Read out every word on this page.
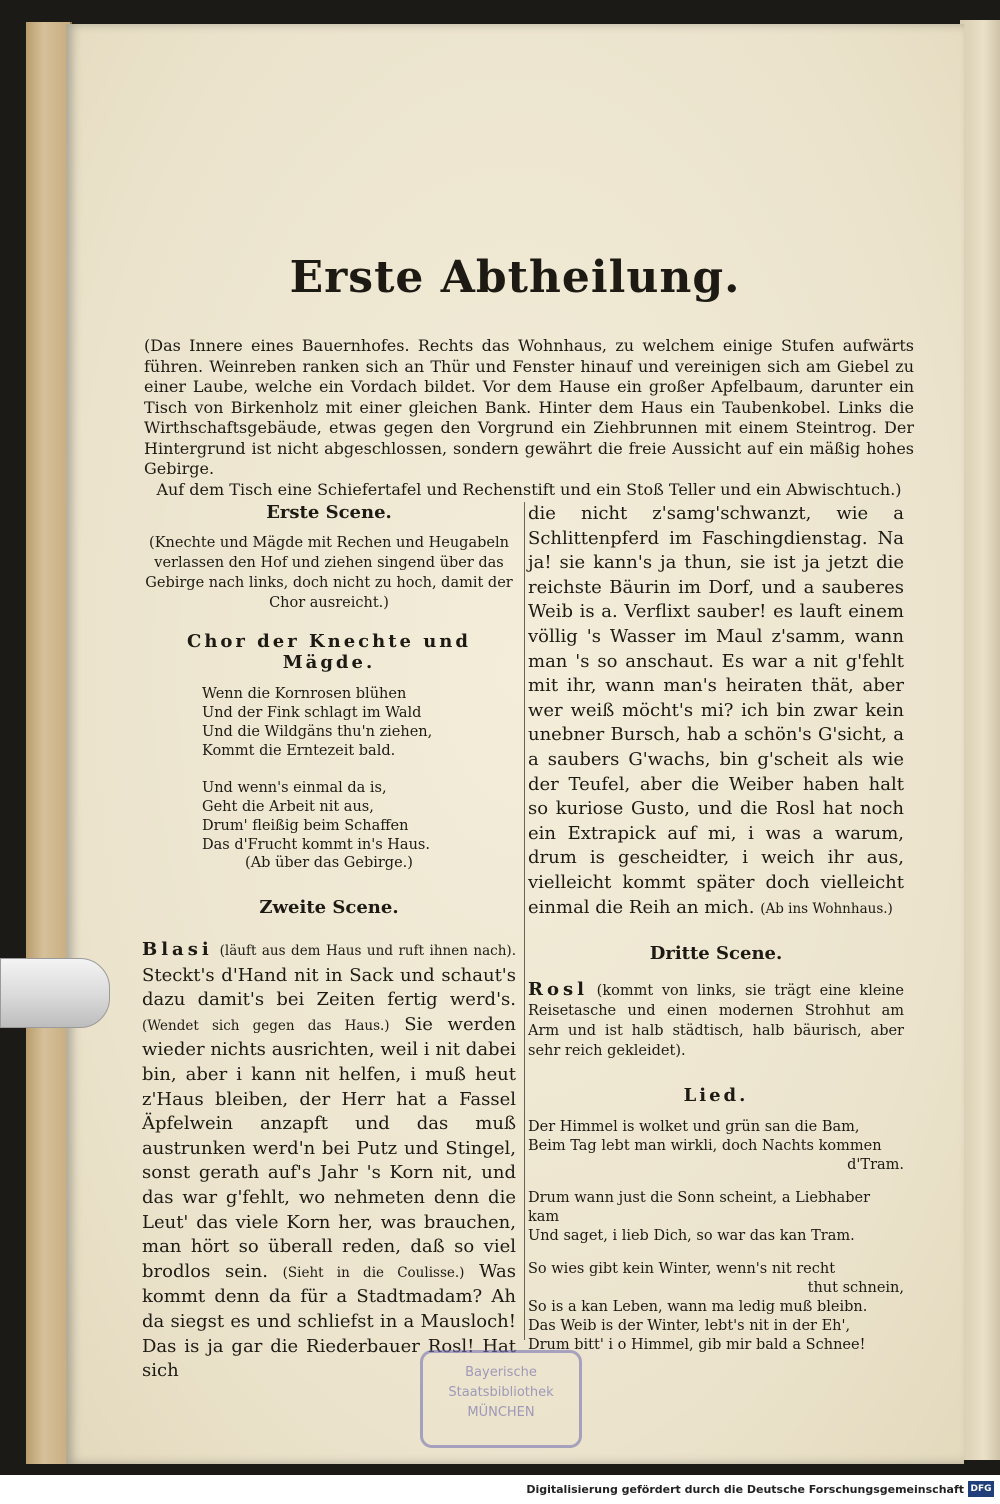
Erste Abtheilung.
(Das Innere eines Bauernhofes. Rechts das Wohnhaus, zu welchem einige Stufen aufwärts führen. Weinreben ranken sich an Thür und Fenster hinauf und vereinigen sich am Giebel zu einer Laube, welche ein Vordach bildet. Vor dem Hause ein großer Apfelbaum, darunter ein Tisch von Birkenholz mit einer gleichen Bank. Hinter dem Haus ein Taubenkobel. Links die Wirthschaftsgebäude, etwas gegen den Vorgrund ein Ziehbrunnen mit einem Steintrog. Der Hintergrund ist nicht abgeschlossen, sondern gewährt die freie Aussicht auf ein mäßig hohes Gebirge.
Auf dem Tisch eine Schiefertafel und Rechenstift und ein Stoß Teller und ein Abwischtuch.)
Erste Scene.

(Knechte und Mägde mit Rechen und Heugabeln verlassen den Hof und ziehen singend über das Gebirge nach links, doch nicht zu hoch, damit der Chor ausreicht.)

Chor der Knechte und Mägde.
Wenn die Kornrosen blühen
Und der Fink schlagt im Wald
Und die Wildgäns thu'n ziehen,
Kommt die Erntezeit bald.
Und wenn's einmal da is,
Geht die Arbeit nit aus,
Drum' fleißig beim Schaffen
Das d'Frucht kommt in's Haus.
(Ab über das Gebirge.)
Zweite Scene.
Blasi (läuft aus dem Haus und ruft ihnen nach). Steckt's d'Hand nit in Sack und schaut's dazu damit's bei Zeiten fertig werd's. (Wendet sich gegen das Haus.) Sie werden wieder nichts ausrichten, weil i nit dabei bin, aber i kann nit helfen, i muß heut z'Haus bleiben, der Herr hat a Fassel Äpfelwein anzapft und das muß austrunken werd'n bei Putz und Stingel, sonst gerath auf's Jahr 's Korn nit, und das war g'fehlt, wo nehmeten denn die Leut' das viele Korn her, was brauchen, man hört so überall reden, daß so viel brodlos sein. (Sieht in die Coulisse.) Was kommt denn da für a Stadtmadam? Ah da siegst es und schliefst in a Mausloch! Das is ja gar die Riederbauer Rosl! Hat sich
die nicht z'samg'schwanzt, wie a Schlittenpferd im Faschingdienstag. Na ja! sie kann's ja thun, sie ist ja jetzt die reichste Bäurin im Dorf, und a sauberes Weib is a. Verflixt sauber! es lauft einem völlig 's Wasser im Maul z'samm, wann man 's so anschaut. Es war a nit g'fehlt mit ihr, wann man's heiraten thät, aber wer weiß möcht's mi? ich bin zwar kein unebner Bursch, hab a schön's G'sicht, a a saubers G'wachs, bin g'scheit als wie der Teufel, aber die Weiber haben halt so kuriose Gusto, und die Rosl hat noch ein Extrapick auf mi, i was a warum, drum is gescheidter, i weich ihr aus, vielleicht kommt später doch vielleicht einmal die Reih an mich. (Ab ins Wohnhaus.)
Dritte Scene.
Rosl (kommt von links, sie trägt eine kleine Reisetasche und einen modernen Strohhut am Arm und ist halb städtisch, halb bäurisch, aber sehr reich gekleidet).
Lied.
Der Himmel is wolket und grün san die Bam,
Beim Tag lebt man wirkli, doch Nachts kommen
d'Tram.
Drum wann just die Sonn scheint, a Liebhaber kam
Und saget, i lieb Dich, so war das kan Tram.
So wies gibt kein Winter, wenn's nit recht
thut schnein,
So is a kan Leben, wann ma ledig muß bleibn.
Das Weib is der Winter, lebt's nit in der Eh',
Drum bitt' i o Himmel, gib mir bald a Schnee!
Bayerische
Staatsbibliothek
MÜNCHEN
Digitalisierung gefördert durch die Deutsche Forschungsgemeinschaft DFG
